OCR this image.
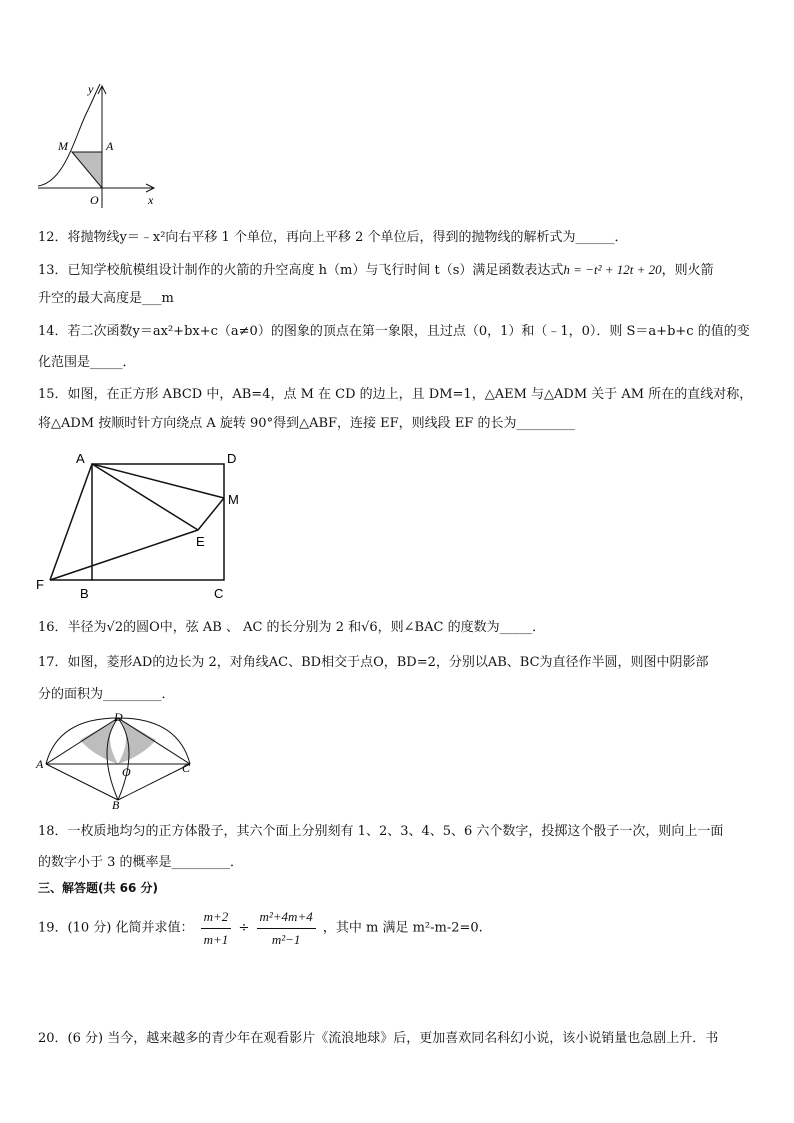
y
x
M	A
O
12．将抛物线y＝﹣x²向右平移 1 个单位，再向上平移 2 个单位后，得到的抛物线的解析式为______．
13．已知学校航模组设计制作的火箭的升空高度 h（m）与飞行时间 t（s）满足函数表达式h = −t² + 12t + 20，则火箭
升空的最大高度是___m
14．若二次函数y＝ax²+bx+c（a≠0）的图象的顶点在第一象限，且过点（0，1）和（﹣1，0）．则 S＝a+b+c 的值的变
化范围是_____．
15．如图，在正方形 ABCD 中，AB=4，点 M 在 CD 的边上，且 DM=1，△AEM 与△ADM 关于 AM 所在的直线对称，
将△ADM 按顺时针方向绕点 A 旋转 90°得到△ABF，连接 EF，则线段 EF 的长为_________
A	D
M
E
F
B	C
16．半径为√2的圆O中，弦 AB 、 AC 的长分别为 2 和√6，则∠BAC 的度数为_____．
17．如图，菱形AD的边长为 2，对角线AC、BD相交于点O，BD=2，分别以AB、BC为直径作半圆，则图中阴影部
分的面积为_________．
D
A
O	C
B
18．一枚质地均匀的正方体骰子，其六个面上分别刻有 1、2、3、4、5、6 六个数字，投掷这个骰子一次，则向上一面
的数字小于 3 的概率是_________．
三、解答题(共 66 分)
19．(10 分) 化简并求值： $\frac{m+2}{m+1} \div \frac{\text{m²+4m+4}}{\text{m²−1}}$ ，其中 m 满足 m²-m-2=0.
20．(6 分) 当今，越来越多的青少年在观看影片《流浪地球》后，更加喜欢同名科幻小说，该小说销量也急剧上升．书
